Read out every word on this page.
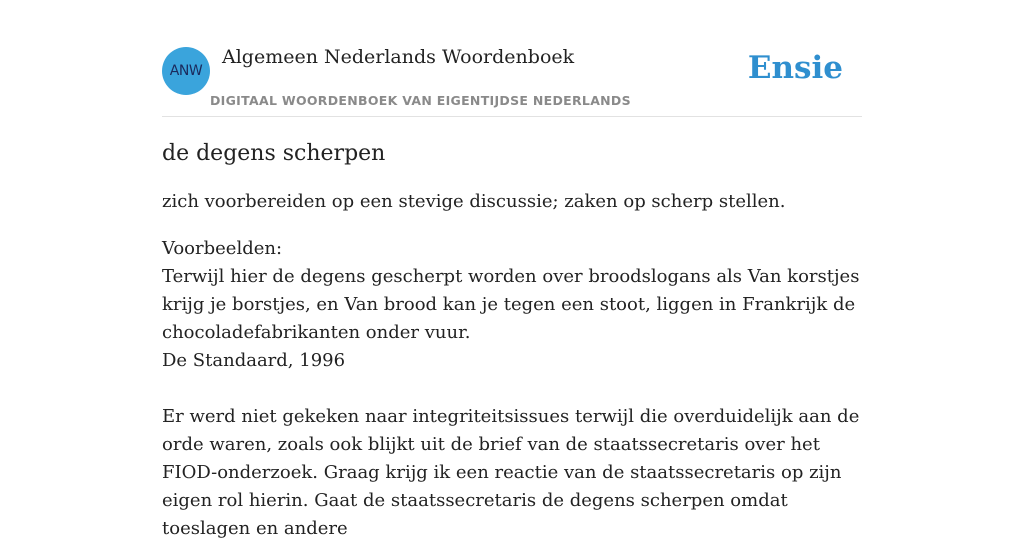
ANW
Algemeen Nederlands Woordenboek
DIGITAAL WOORDENBOEK VAN EIGENTIJDSE NEDERLANDS
Ensie
de degens scherpen

zich voorbereiden op een stevige discussie; zaken op scherp stellen.

Voorbeelden:

Terwijl hier de degens gescherpt worden over broodslogans als Van korstjes krijg je borstjes, en Van brood kan je tegen een stoot, liggen in Frankrijk de chocoladefabrikanten onder vuur.

De Standaard, 1996

Er werd niet gekeken naar integriteitsissues terwijl die overduidelijk aan de orde waren, zoals ook blijkt uit de brief van de staatssecretaris over het FIOD-onderzoek. Graag krijg ik een reactie van de staatssecretaris op zijn eigen rol hierin. Gaat de staatssecretaris de degens scherpen omdat toeslagen en andere
